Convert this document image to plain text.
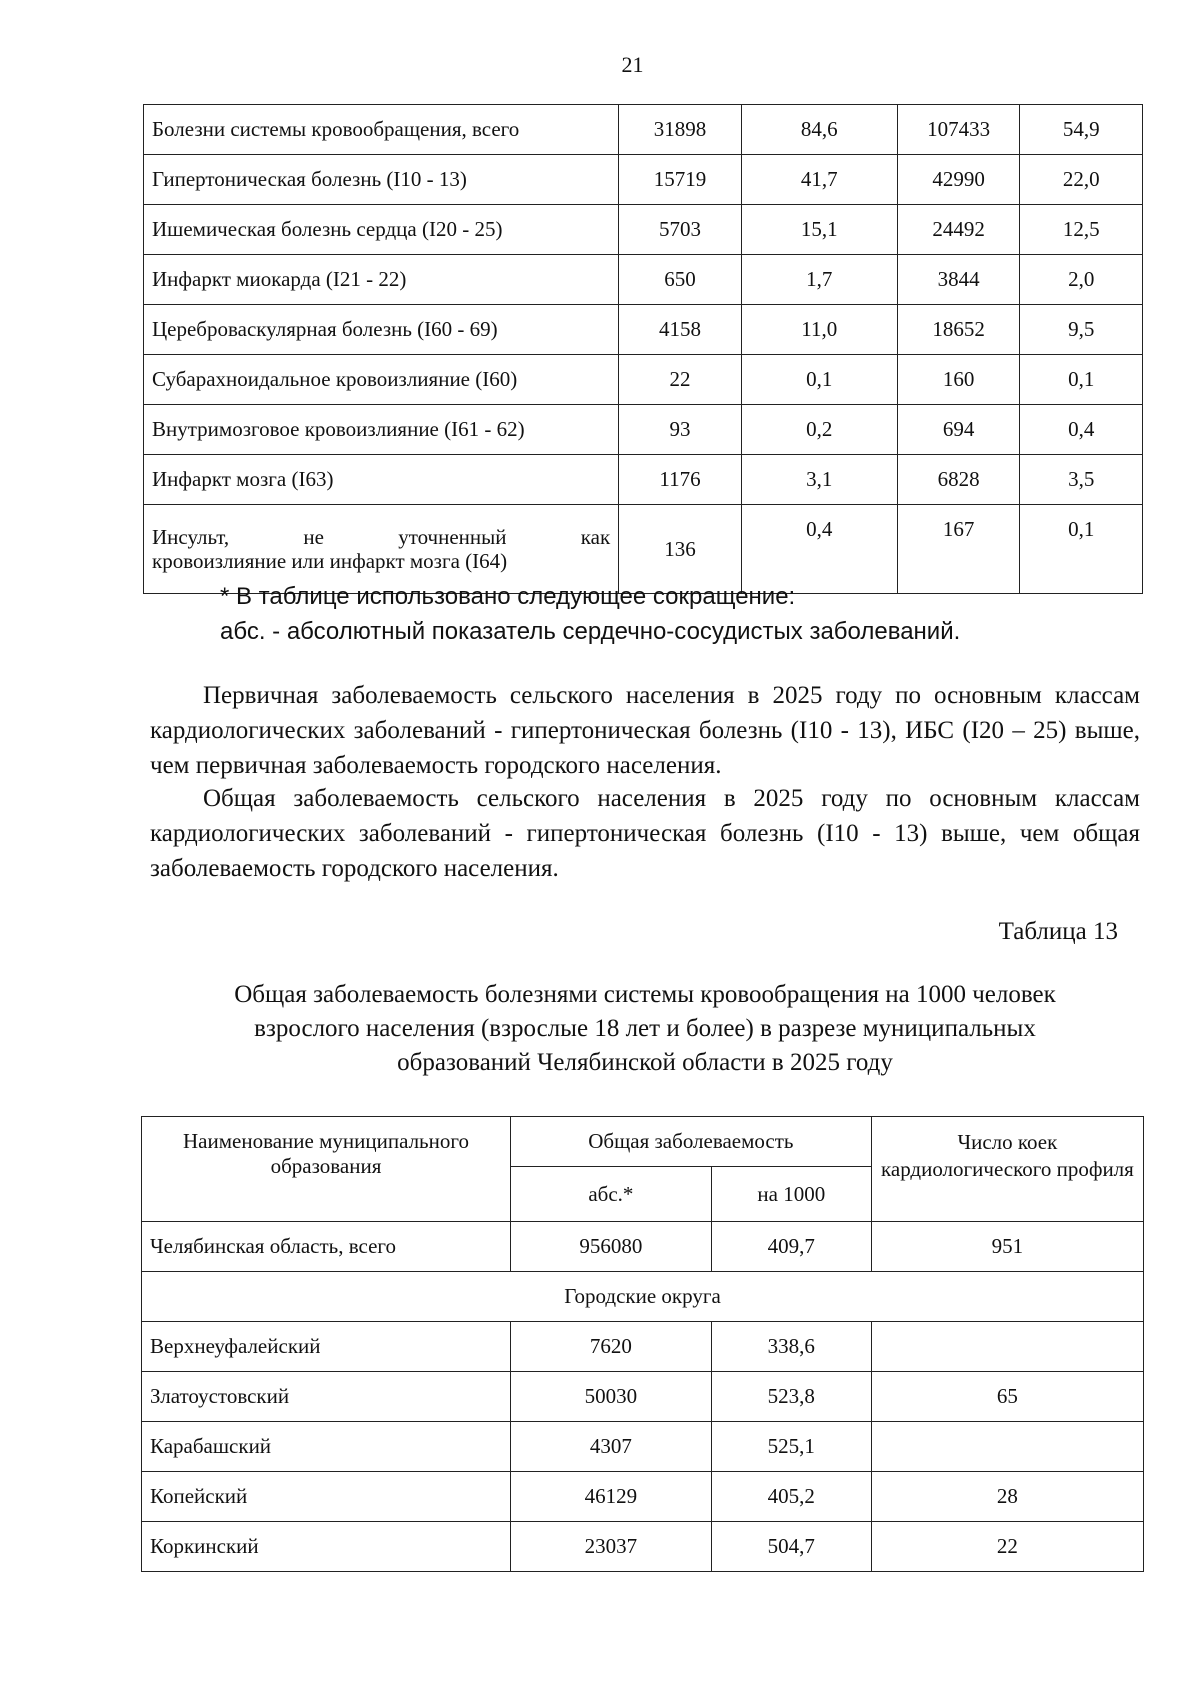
21
Болезни системы кровообращения, всего	31898	84,6	107433	54,9
Гипертоническая болезнь (I10 - 13)	15719	41,7	42990	22,0
Ишемическая болезнь сердца (I20 - 25)	5703	15,1	24492	12,5
Инфаркт миокарда (I21 - 22)	650	1,7	3844	2,0
Цереброваскулярная болезнь (I60 - 69)	4158	11,0	18652	9,5
Субарахноидальное кровоизлияние (I60)	22	0,1	160	0,1
Внутримозговое кровоизлияние (I61 - 62)	93	0,2	694	0,4
Инфаркт мозга (I63)	1176	3,1	6828	3,5

Инсульт, не уточненный как
кровоизлияние или инфаркт мозга (I64)	136	0,4	167	0,1
* В таблице использовано следующее сокращение:
абс. - абсолютный показатель сердечно-сосудистых заболеваний.

Первичная заболеваемость сельского населения в 2025 году по основным классам кардиологических заболеваний - гипертоническая болезнь (I10 - 13), ИБС (I20 – 25) выше, чем первичная заболеваемость городского населения.

Общая заболеваемость сельского населения в 2025 году по основным классам кардиологических заболеваний - гипертоническая болезнь (I10 - 13) выше, чем общая заболеваемость городского населения.

Таблица 13
Общая заболеваемость болезнями системы кровообращения на 1000 человек
взрослого населения (взрослые 18 лет и более) в разрезе муниципальных
образований Челябинской области в 2025 году
Наименование муниципального образования	Общая заболеваемость		Число коек кардиологического профиля
	абс.*	на 1000	
Челябинская область, всего	956080	409,7	951
Городские округа			
Верхнеуфалейский	7620	338,6	
Златоустовский	50030	523,8	65
Карабашский	4307	525,1	
Копейский	46129	405,2	28
Коркинский	23037	504,7	22
